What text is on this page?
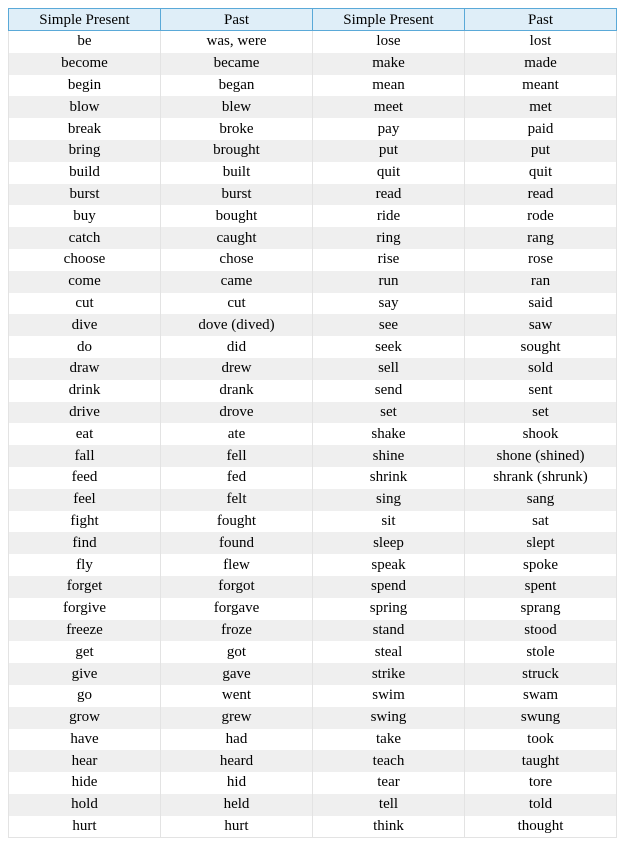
Simple Present	Past	Simple Present	Past
be	was, were	lose	lost
become	became	make	made
begin	began	mean	meant
blow	blew	meet	met
break	broke	pay	paid
bring	brought	put	put
build	built	quit	quit
burst	burst	read	read
buy	bought	ride	rode
catch	caught	ring	rang
choose	chose	rise	rose
come	came	run	ran
cut	cut	say	said
dive	dove (dived)	see	saw
do	did	seek	sought
draw	drew	sell	sold
drink	drank	send	sent
drive	drove	set	set
eat	ate	shake	shook
fall	fell	shine	shone (shined)
feed	fed	shrink	shrank (shrunk)
feel	felt	sing	sang
fight	fought	sit	sat
find	found	sleep	slept
fly	flew	speak	spoke
forget	forgot	spend	spent
forgive	forgave	spring	sprang
freeze	froze	stand	stood
get	got	steal	stole
give	gave	strike	struck
go	went	swim	swam
grow	grew	swing	swung
have	had	take	took
hear	heard	teach	taught
hide	hid	tear	tore
hold	held	tell	told
hurt	hurt	think	thought
